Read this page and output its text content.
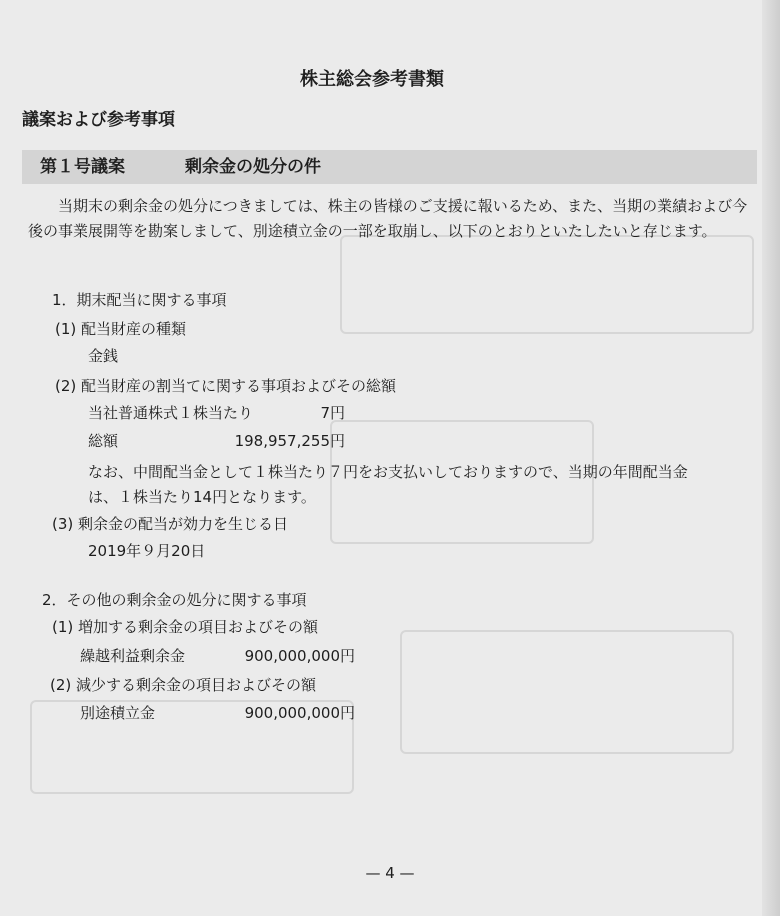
株主総会参考書類
議案および参考事項
第１号議案	剰余金の処分の件
当期末の剰余金の処分につきましては、株主の皆様のご支援に報いるため、また、当期の業績および今後の事業展開等を勘案しまして、別途積立金の一部を取崩し、以下のとおりといたしたいと存じます。
1．期末配当に関する事項
(1) 配当財産の種類
金銭
(2) 配当財産の割当てに関する事項およびその総額
当社普通株式１株当たり	7円
総額	198,957,255円
なお、中間配当金として１株当たり７円をお支払いしておりますので、当期の年間配当金
は、１株当たり14円となります。
(3) 剰余金の配当が効力を生じる日
2019年９月20日
2．その他の剰余金の処分に関する事項
(1) 増加する剰余金の項目およびその額
繰越利益剰余金	900,000,000円
(2) 減少する剰余金の項目およびその額
別途積立金	900,000,000円
— 4 —
